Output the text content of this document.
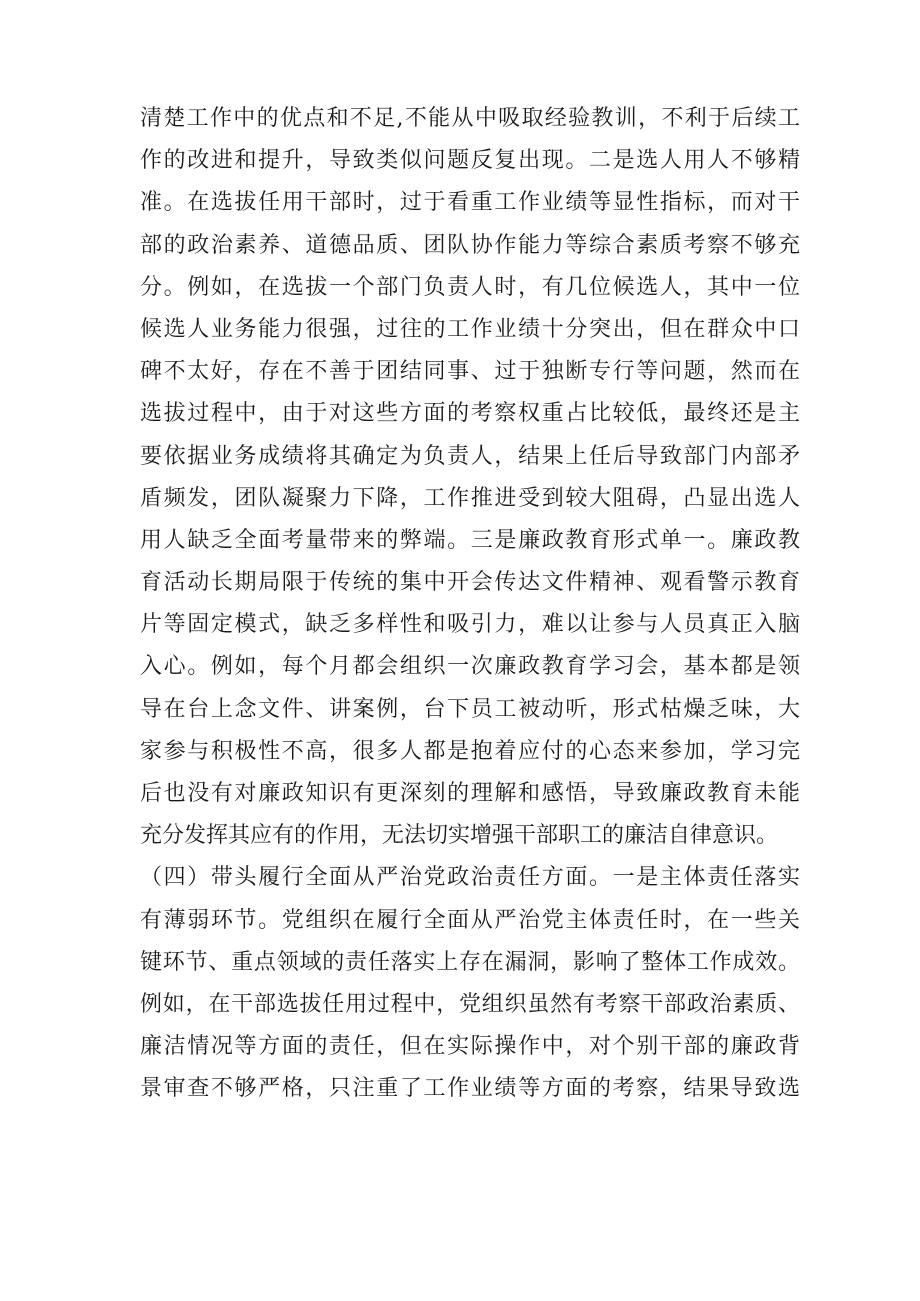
清楚工作中的优点和不足,不能从中吸取经验教训，不利于后续工
作的改进和提升，导致类似问题反复出现。二是选人用人不够精
准。在选拔任用干部时，过于看重工作业绩等显性指标，而对干
部的政治素养、道德品质、团队协作能力等综合素质考察不够充
分。例如，在选拔一个部门负责人时，有几位候选人，其中一位
候选人业务能力很强，过往的工作业绩十分突出，但在群众中口
碑不太好，存在不善于团结同事、过于独断专行等问题，然而在
选拔过程中，由于对这些方面的考察权重占比较低，最终还是主
要依据业务成绩将其确定为负责人，结果上任后导致部门内部矛
盾频发，团队凝聚力下降，工作推进受到较大阻碍，凸显出选人
用人缺乏全面考量带来的弊端。三是廉政教育形式单一。廉政教
育活动长期局限于传统的集中开会传达文件精神、观看警示教育
片等固定模式，缺乏多样性和吸引力，难以让参与人员真正入脑
入心。例如，每个月都会组织一次廉政教育学习会，基本都是领
导在台上念文件、讲案例，台下员工被动听，形式枯燥乏味，大
家参与积极性不高，很多人都是抱着应付的心态来参加，学习完
后也没有对廉政知识有更深刻的理解和感悟，导致廉政教育未能
充分发挥其应有的作用，无法切实增强干部职工的廉洁自律意识。
（四）带头履行全面从严治党政治责任方面。一是主体责任落实
有薄弱环节。党组织在履行全面从严治党主体责任时，在一些关
键环节、重点领域的责任落实上存在漏洞，影响了整体工作成效。
例如，在干部选拔任用过程中，党组织虽然有考察干部政治素质、
廉洁情况等方面的责任，但在实际操作中，对个别干部的廉政背
景审查不够严格，只注重了工作业绩等方面的考察，结果导致选
